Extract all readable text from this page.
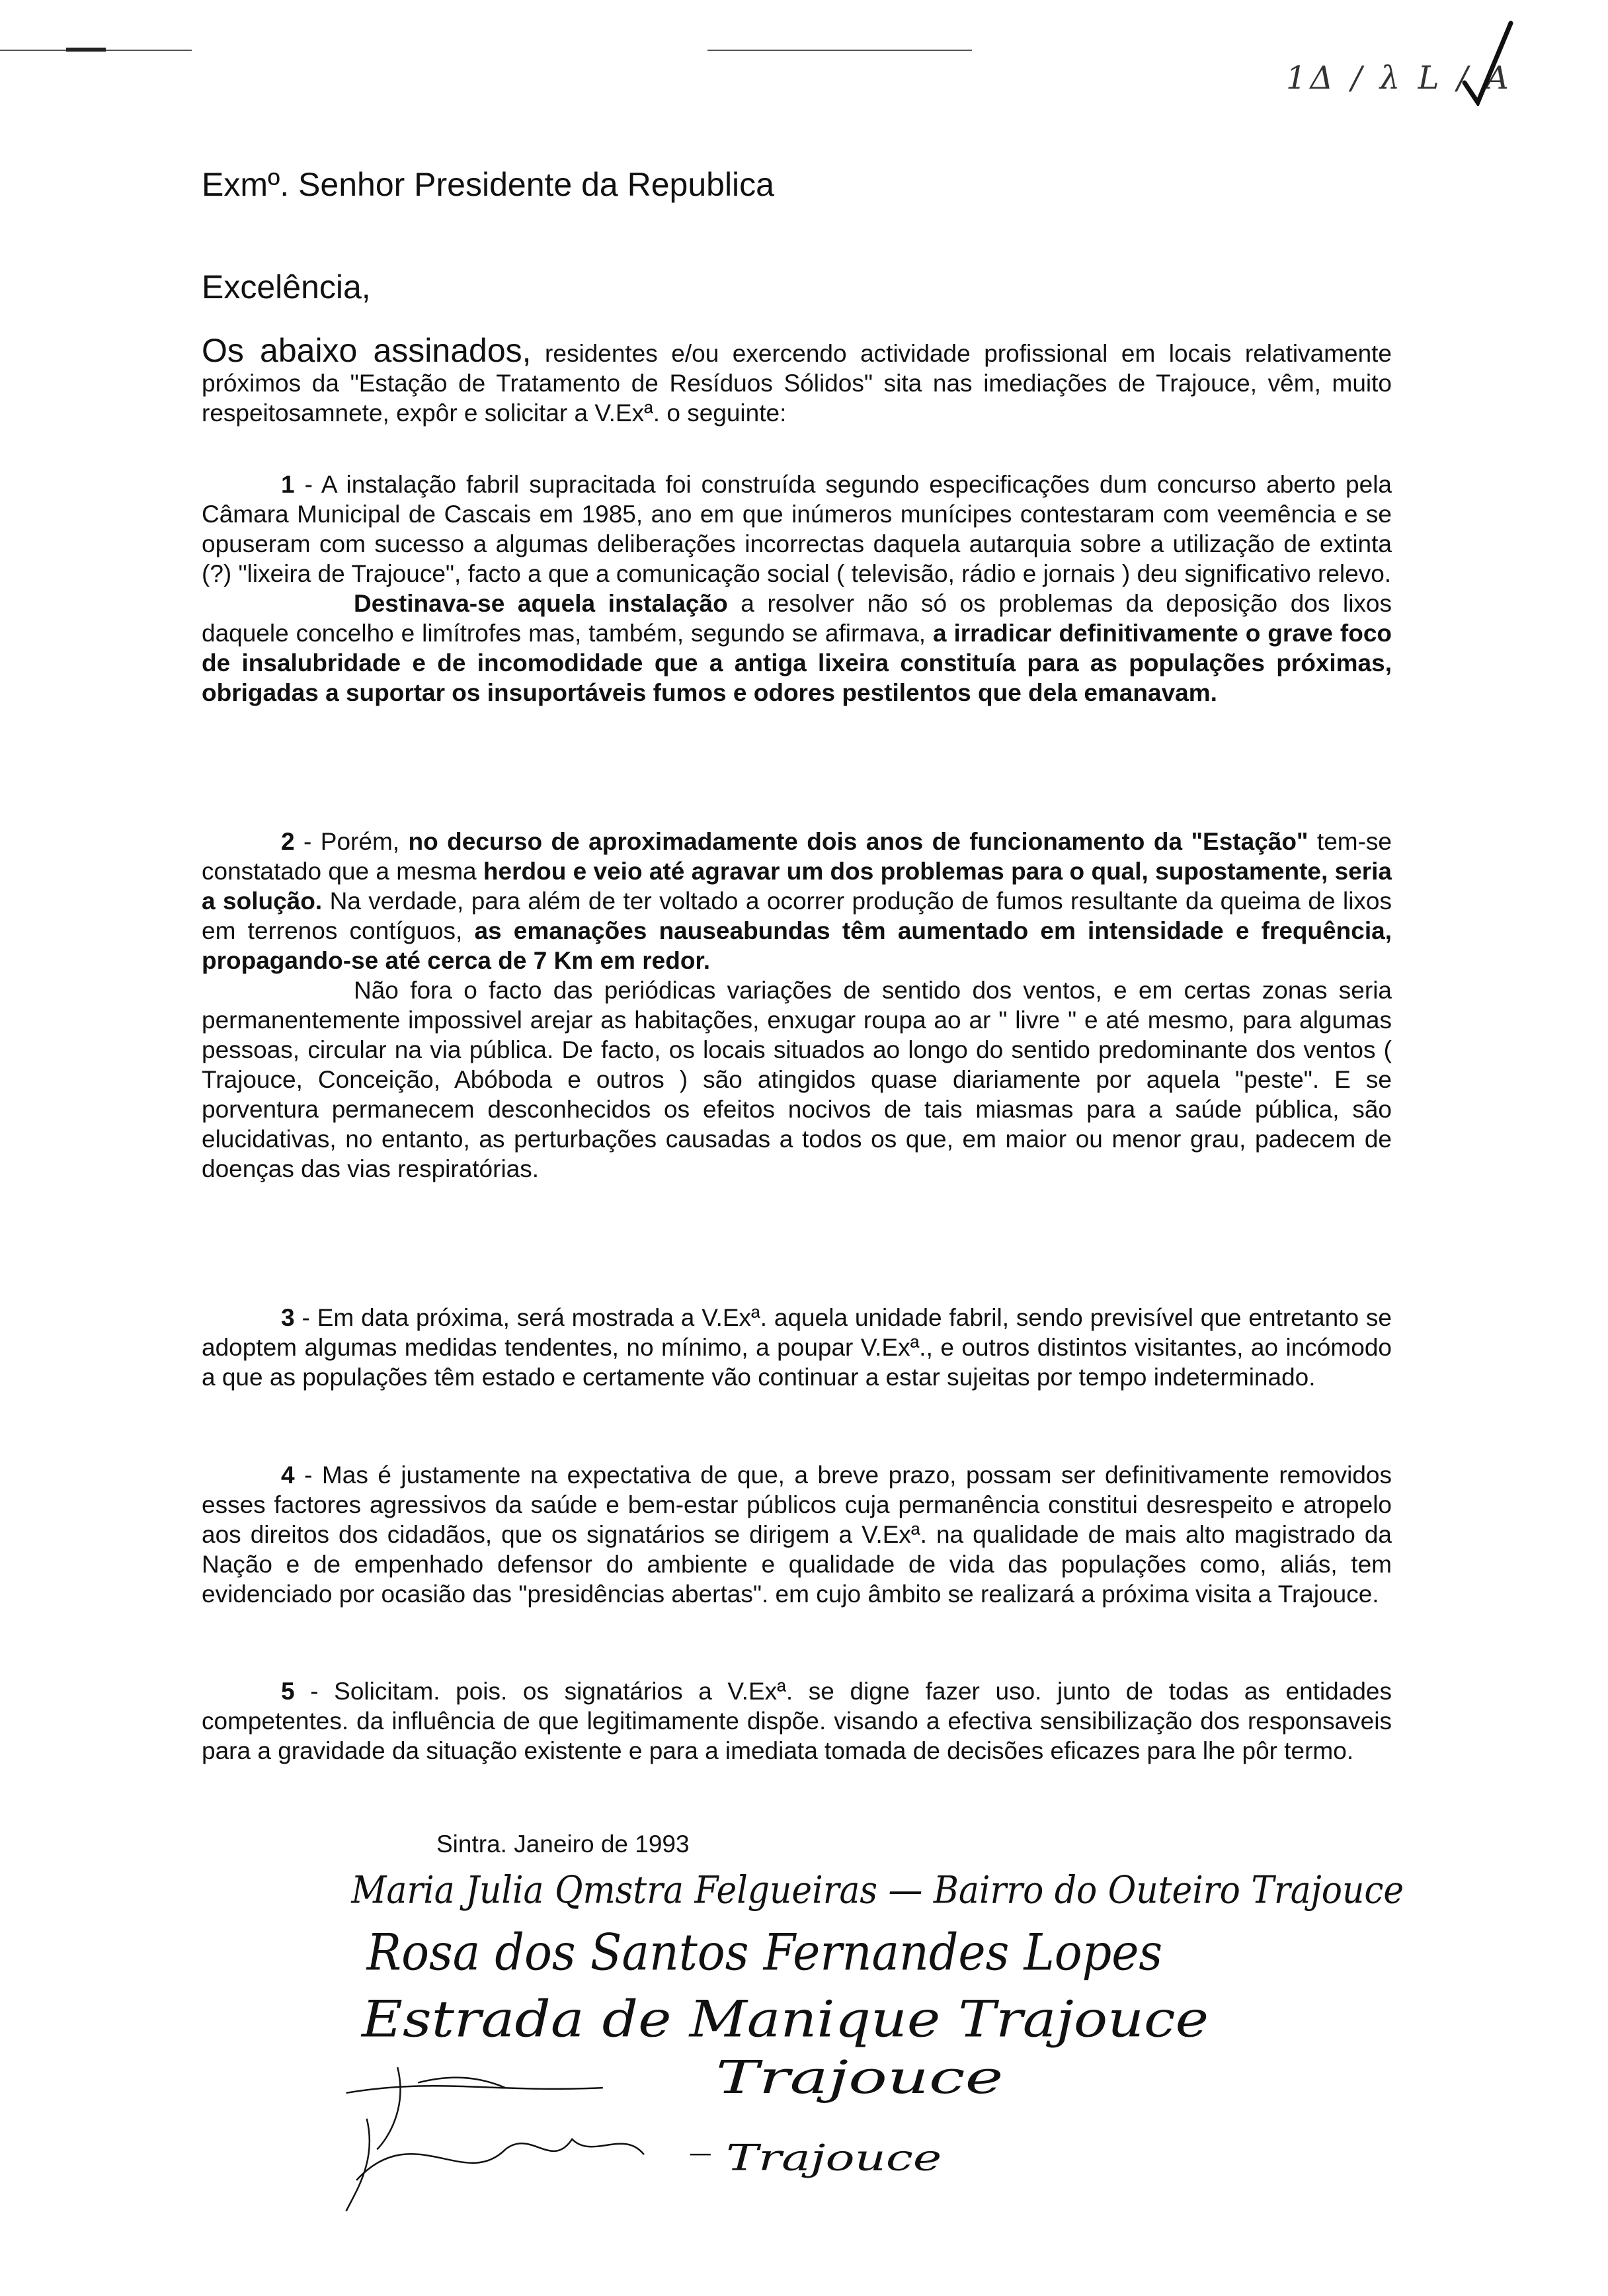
1Δ / λ L / A
Exmº. Senhor Presidente da Republica
Excelência,

Os abaixo assinados, residentes e/ou exercendo actividade profissional em locais relativamente próximos da "Estação de Tratamento de Resíduos Sólidos" sita nas imediações de Trajouce, vêm, muito respeitosamnete, expôr e solicitar a V.Exª. o seguinte:

1 - A instalação fabril supracitada foi construída segundo especificações dum concurso aberto pela Câmara Municipal de Cascais em 1985, ano em que inúmeros munícipes contestaram com veemência e se opuseram com sucesso a algumas deliberações incorrectas daquela autarquia sobre a utilização de extinta (?) "lixeira de Trajouce", facto a que a comunicação social ( televisão, rádio e jornais ) deu significativo relevo.

Destinava-se aquela instalação a resolver não só os problemas da deposição dos lixos daquele concelho e limítrofes mas, também, segundo se afirmava, a irradicar definitivamente o grave foco de insalubridade e de incomodidade que a antiga lixeira constituía para as populações próximas, obrigadas a suportar os insuportáveis fumos e odores pestilentos que dela emanavam.

2 - Porém, no decurso de aproximadamente dois anos de funcionamento da "Estação" tem-se constatado que a mesma herdou e veio até agravar um dos problemas para o qual, supostamente, seria a solução. Na verdade, para além de ter voltado a ocorrer produção de fumos resultante da queima de lixos em terrenos contíguos, as emanações nauseabundas têm aumentado em intensidade e frequência, propagando-se até cerca de 7 Km em redor.

Não fora o facto das periódicas variações de sentido dos ventos, e em certas zonas seria permanentemente impossivel arejar as habitações, enxugar roupa ao ar " livre " e até mesmo, para algumas pessoas, circular na via pública. De facto, os locais situados ao longo do sentido predominante dos ventos ( Trajouce, Conceição, Abóboda e outros ) são atingidos quase diariamente por aquela "peste". E se porventura permanecem desconhecidos os efeitos nocivos de tais miasmas para a saúde pública, são elucidativas, no entanto, as perturbações causadas a todos os que, em maior ou menor grau, padecem de doenças das vias respiratórias.

3 - Em data próxima, será mostrada a V.Exª. aquela unidade fabril, sendo previsível que entretanto se adoptem algumas medidas tendentes, no mínimo, a poupar V.Exª., e outros distintos visitantes, ao incómodo a que as populações têm estado e certamente vão continuar a estar sujeitas por tempo indeterminado.

4 - Mas é justamente na expectativa de que, a breve prazo, possam ser definitivamente removidos esses factores agressivos da saúde e bem-estar públicos cuja permanência constitui desrespeito e atropelo aos direitos dos cidadãos, que os signatários se dirigem a V.Exª. na qualidade de mais alto magistrado da Nação e de empenhado defensor do ambiente e qualidade de vida das populações como, aliás, tem evidenciado por ocasião das "presidências abertas". em cujo âmbito se realizará a próxima visita a Trajouce.

5 - Solicitam. pois. os signatários a V.Exª. se digne fazer uso. junto de todas as entidades competentes. da influência de que legitimamente dispõe. visando a efectiva sensibilização dos responsaveis para a gravidade da situação existente e para a imediata tomada de decisões eficazes para lhe pôr termo.

Sintra. Janeiro de 1993
Maria Julia Qmstra Felgueiras — Bairro do Outeiro Trajouce
Rosa dos Santos Fernandes Lopes
Estrada de Manique Trajouce
Trajouce
Trajouce
